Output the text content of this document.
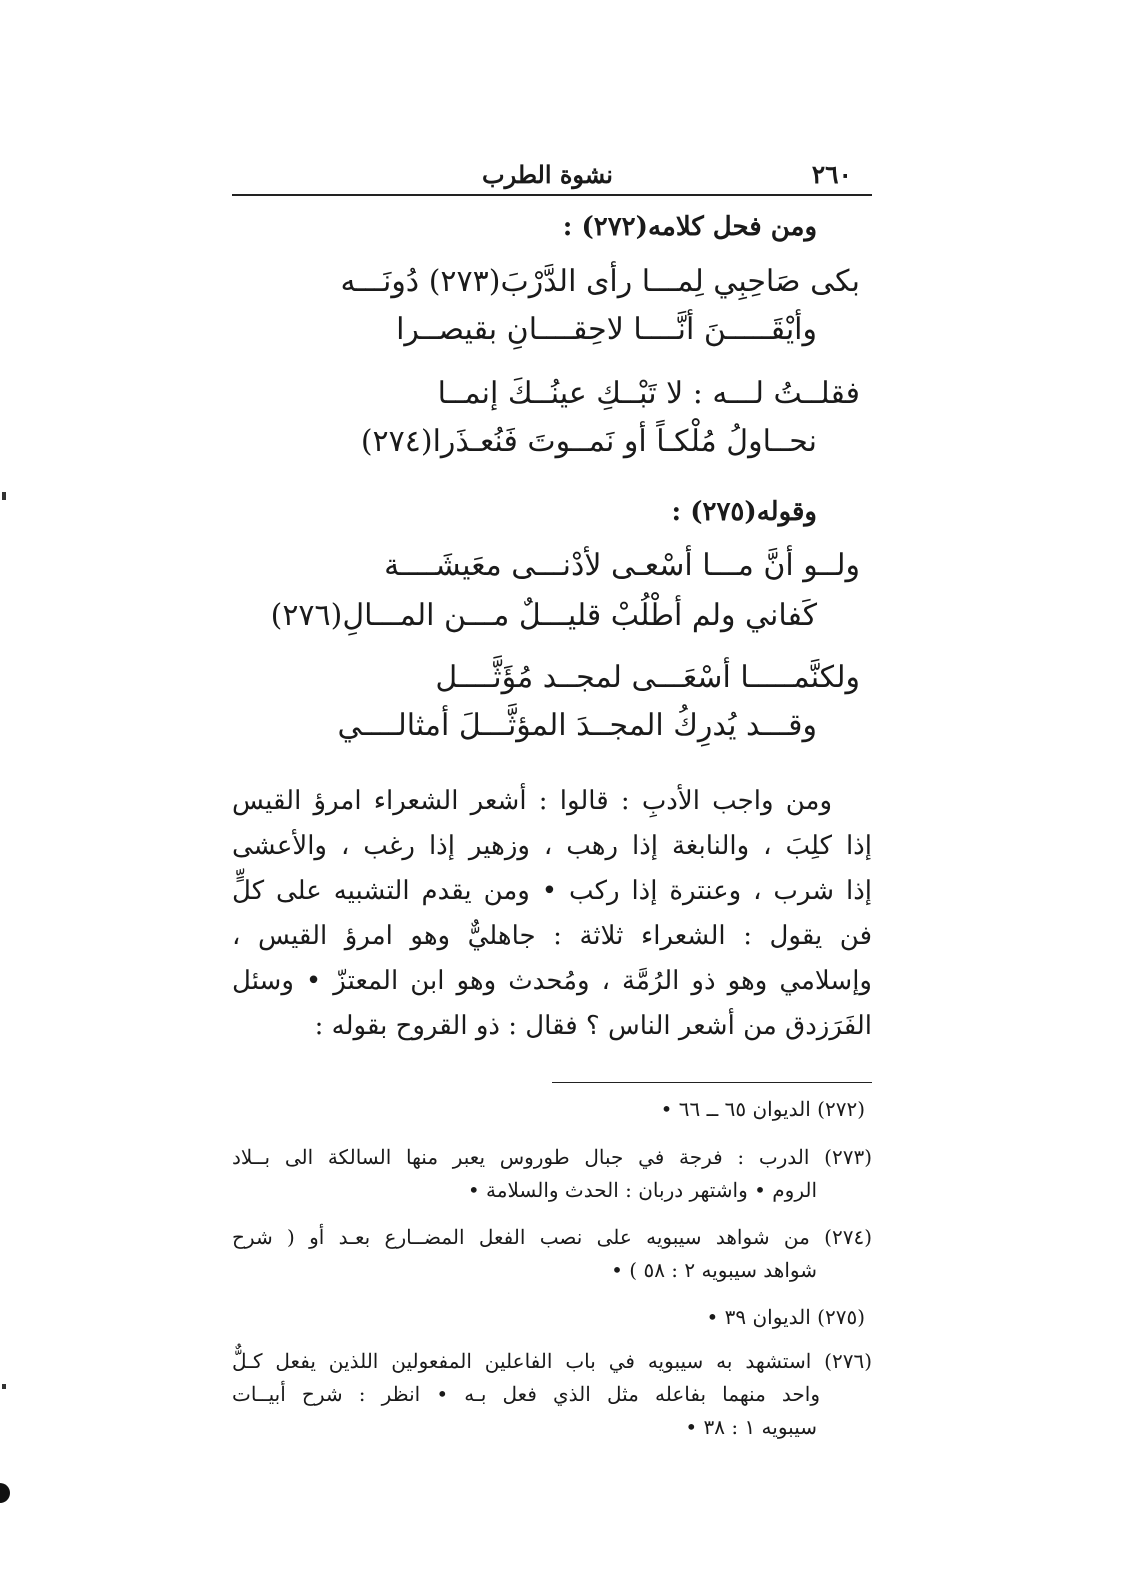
٢٦٠
نشوة الطرب
ومن فحل كلامه(٢٧٢) :
بكى صَاحِبِي لِمـــا رأى الدَّرْبَ(٢٧٣) دُونَـــه
وأيْقَـــــنَ أنَّــــا لاحِقــــانِ بقيصــرا
فقلــتُ لـــه : لا تَبْــكِ عينُــكَ إنمــا
نحــاولُ مُلْكـاً أو نَمــوتَ فَنُعـذَرا(٢٧٤)
وقوله(٢٧٥) :
ولــو أنَّ مـــا أسْعـى لأدْنـــى معَيشَــــة
كَفاني ولم أطْلُبْ قليـــلٌ مـــن المـــالِ(٢٧٦)
ولكنَّمـــــا أسْعَـــى لمجــد مُؤَثَّــــل
وقـــد يُدرِكُ المجــدَ المؤثَّـــلَ أمثالــــي
ومن واجب الأدبِ : قالوا : أشعر الشعراء امرؤ القيس
إذا كلِبَ ، والنابغة إذا رهب ، وزهير إذا رغب ، والأعشى
إذا شرب ، وعنترة إذا ركب • ومن يقدم التشبيه على كلٍّ
فن يقول : الشعراء ثلاثة : جاهليٌّ وهو امرؤ القيس ،
وإسلامي وهو ذو الرُمَّة ، ومُحدث وهو ابن المعتزّ • وسئل
الفَرَزدق من أشعر الناس ؟ فقال : ذو القروح بقوله :
(٢٧٢) الديوان ٦٥ ــ ٦٦ •
(٢٧٣) الدرب : فرجة في جبال طوروس يعبر منها السالكة الى بــلاد
الروم • واشتهر دربان : الحدث والسلامة •
(٢٧٤) من شواهد سيبويه على نصب الفعل المضــارع بعـد أو ( شرح
شواهد سيبويه ٢ : ٥٨ ) •
(٢٧٥) الديوان ٣٩ •
(٢٧٦) استشهد به سيبويه في باب الفاعلين المفعولين اللذين يفعل كـلٌّ
واحد منهما بفاعله مثل الذي فعل بـه • انظر : شرح أبيــات
سيبويه ١ : ٣٨ •
